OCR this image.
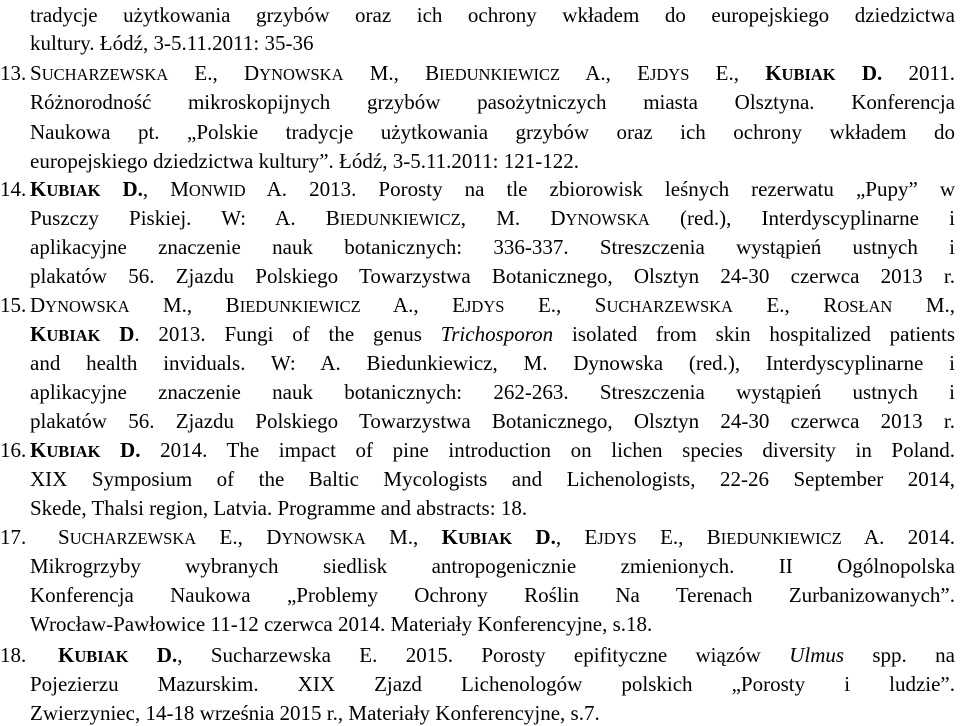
tradycje użytkowania grzybów oraz ich ochrony wkładem do europejskiego dziedzictwa
kultury. Łódź, 3-5.11.2011: 35-36
13. SUCHARZEWSKA E., DYNOWSKA M., BIEDUNKIEWICZ A., EJDYS E., KUBIAK D. 2011.
Różnorodność mikroskopijnych grzybów pasożytniczych miasta Olsztyna. Konferencja
Naukowa pt. „Polskie tradycje użytkowania grzybów oraz ich ochrony wkładem do
europejskiego dziedzictwa kultury”. Łódź, 3-5.11.2011: 121-122.
14. KUBIAK D., MONWID A. 2013. Porosty na tle zbiorowisk leśnych rezerwatu „Pupy” w
Puszczy Piskiej. W: A. BIEDUNKIEWICZ, M. DYNOWSKA (red.), Interdyscyplinarne i
aplikacyjne znaczenie nauk botanicznych: 336-337. Streszczenia wystąpień ustnych i
plakatów 56. Zjazdu Polskiego Towarzystwa Botanicznego, Olsztyn 24-30 czerwca 2013 r.
15. DYNOWSKA M., BIEDUNKIEWICZ A., EJDYS E., SUCHARZEWSKA E., ROSŁAN M.,
KUBIAK D. 2013. Fungi of the genus Trichosporon isolated from skin hospitalized patients
and health inviduals. W: A. Biedunkiewicz, M. Dynowska (red.), Interdyscyplinarne i
aplikacyjne znaczenie nauk botanicznych: 262-263. Streszczenia wystąpień ustnych i
plakatów 56. Zjazdu Polskiego Towarzystwa Botanicznego, Olsztyn 24-30 czerwca 2013 r.
16. KUBIAK D. 2014. The impact of pine introduction on lichen species diversity in Poland.
XIX Symposium of the Baltic Mycologists and Lichenologists, 22-26 September 2014,
Skede, Thalsi region, Latvia. Programme and abstracts: 18.
17. SUCHARZEWSKA E., DYNOWSKA M., KUBIAK D., EJDYS E., BIEDUNKIEWICZ A. 2014.
Mikrogrzyby wybranych siedlisk antropogenicznie zmienionych. II Ogólnopolska
Konferencja Naukowa „Problemy Ochrony Roślin Na Terenach Zurbanizowanych”.
Wrocław-Pawłowice 11-12 czerwca 2014. Materiały Konferencyjne, s.18.
18. KUBIAK D., Sucharzewska E. 2015. Porosty epifityczne wiązów Ulmus spp. na
Pojezierzu Mazurskim. XIX Zjazd Lichenologów polskich „Porosty i ludzie”.
Zwierzyniec, 14-18 września 2015 r., Materiały Konferencyjne, s.7.
